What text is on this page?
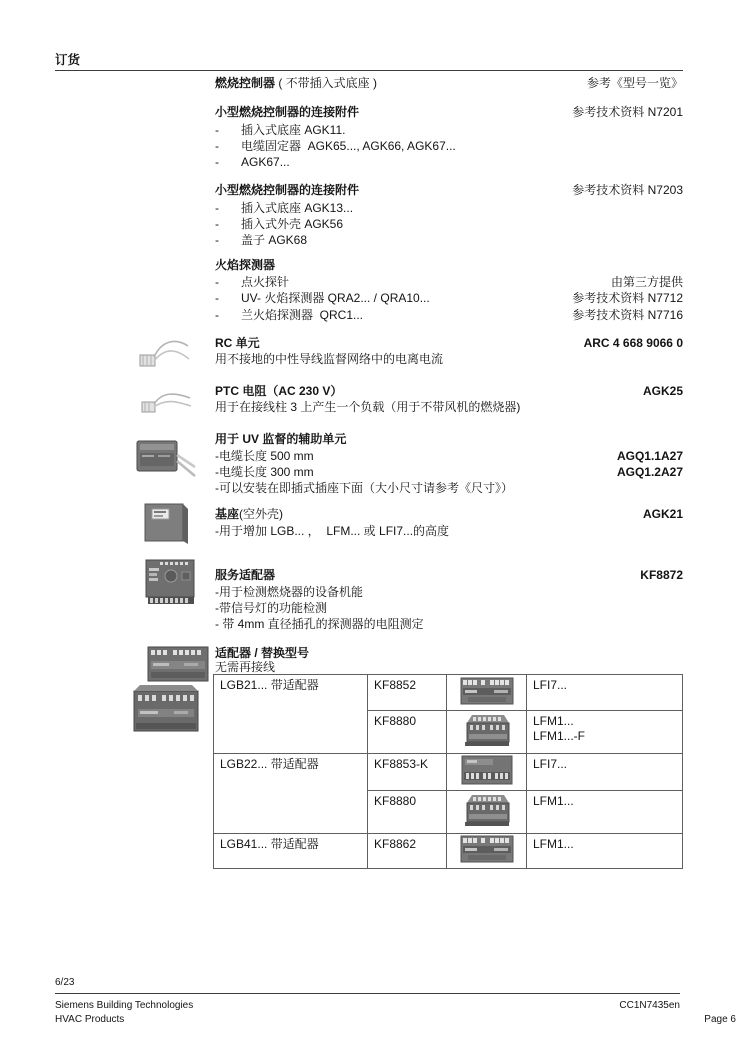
订货
燃烧控制器 ( 不带插入式底座 )	参考《型号一览》
小型燃烧控制器的连接附件	参考技术资料 N7201
-	插入式底座 AGK11.
-	电缆固定器  AGK65..., AGK66, AGK67...
-	AGK67...
小型燃烧控制器的连接附件	参考技术资料 N7203
-	插入式底座 AGK13...
-	插入式外壳 AGK56
-	盖子 AGK68
火焰探测器
-	点火探针	由第三方提供
-	UV- 火焰探测器 QRA2... / QRA10...	参考技术资料 N7712
-	兰火焰探测器  QRC1...	参考技术资料 N7716
RC 单元	ARC 4 668 9066 0
用不接地的中性导线监督网络中的电离电流
PTC 电阻（AC 230 V）	AGK25
用于在接线柱 3 上产生一个负载（用于不带风机的燃烧器)
用于 UV 监督的辅助单元
-电缆长度 500 mm	AGQ1.1A27
-电缆长度 300 mm	AGQ1.2A27
-可以安装在即插式插座下面（大小尺寸请参考《尺寸》）
基座(空外壳)	AGK21
-用于增加 LGB... ，  LFM... 或 LFI7...的高度
服务适配器	KF8872
-用于检测燃烧器的设备机能
-带信号灯的功能检测
- 带 4mm 直径插孔的探测器的电阻测定
适配器 / 替换型号
无需再接线
LGB21... 带适配器	KF8852		LFI7...

	KF8880		LFM1...
LFM1...-F

LGB22... 带适配器	KF8853-K		LFI7...

	KF8880		LFM1...

LGB41... 带适配器	KF8862		LFM1...
6/23
Siemens Building Technologies
HVAC Products
CC1N7435en
Page 6
